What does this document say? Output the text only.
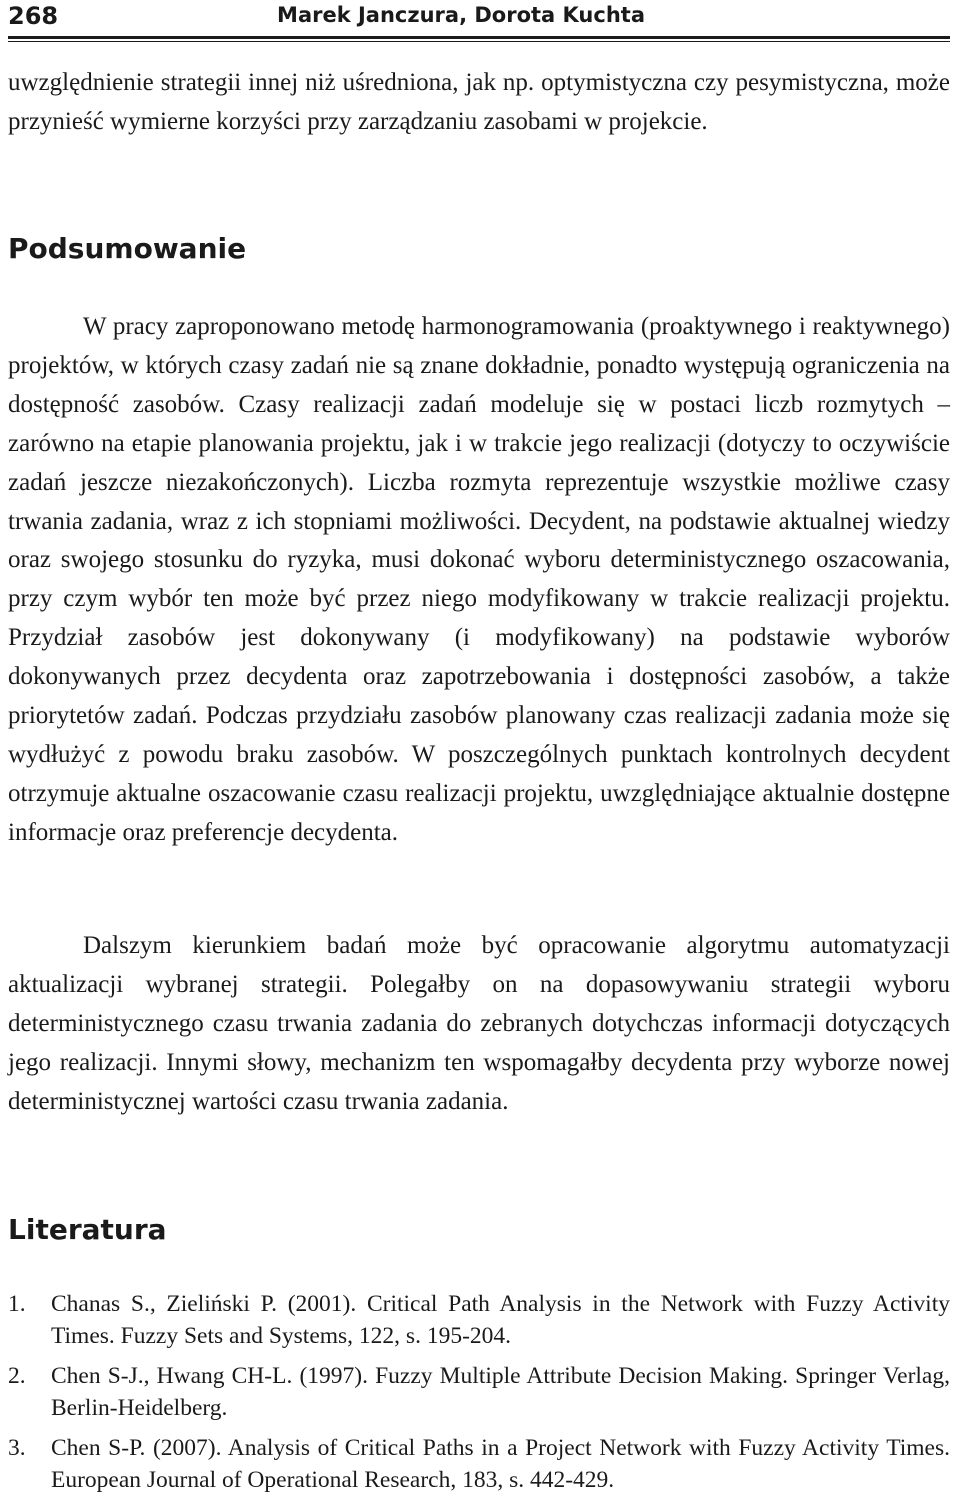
268	Marek Janczura, Dorota Kuchta

uwzględnienie strategii innej niż uśredniona, jak np. optymistyczna czy pesymistyczna, może przynieść wymierne korzyści przy zarządzaniu zasobami w projekcie.

Podsumowanie

W pracy zaproponowano metodę harmonogramowania (proaktywnego i reaktywnego) projektów, w których czasy zadań nie są znane dokładnie, ponadto występują ograniczenia na dostępność zasobów. Czasy realizacji zadań modeluje się w postaci liczb rozmytych – zarówno na etapie planowania projektu, jak i w trakcie jego realizacji (dotyczy to oczywiście zadań jeszcze niezakończonych). Liczba rozmyta reprezentuje wszystkie możliwe czasy trwania zadania, wraz z ich stopniami możliwości. Decydent, na podstawie aktualnej wiedzy oraz swojego stosunku do ryzyka, musi dokonać wyboru deterministycznego oszacowania, przy czym wybór ten może być przez niego modyfikowany w trakcie realizacji projektu. Przydział zasobów jest dokonywany (i modyfikowany) na podstawie wyborów dokonywanych przez decydenta oraz zapotrzebowania i dostępności zasobów, a także priorytetów zadań. Podczas przydziału zasobów planowany czas realizacji zadania może się wydłużyć z powodu braku zasobów. W poszczególnych punktach kontrolnych decydent otrzymuje aktualne oszacowanie czasu realizacji projektu, uwzględniające aktualnie dostępne informacje oraz preferencje decydenta.

Dalszym kierunkiem badań może być opracowanie algorytmu automatyzacji aktualizacji wybranej strategii. Polegałby on na dopasowywaniu strategii wyboru deterministycznego czasu trwania zadania do zebranych dotychczas informacji dotyczących jego realizacji. Innymi słowy, mechanizm ten wspomagałby decydenta przy wyborze nowej deterministycznej wartości czasu trwania zadania.

Literatura
1. Chanas S., Zieliński P. (2001). Critical Path Analysis in the Network with Fuzzy Activity Times. Fuzzy Sets and Systems, 122, s. 195-204.
2. Chen S-J., Hwang CH-L. (1997). Fuzzy Multiple Attribute Decision Making. Springer Verlag, Berlin-Heidelberg.
3. Chen S-P. (2007). Analysis of Critical Paths in a Project Network with Fuzzy Activity Times. European Journal of Operational Research, 183, s. 442-429.
